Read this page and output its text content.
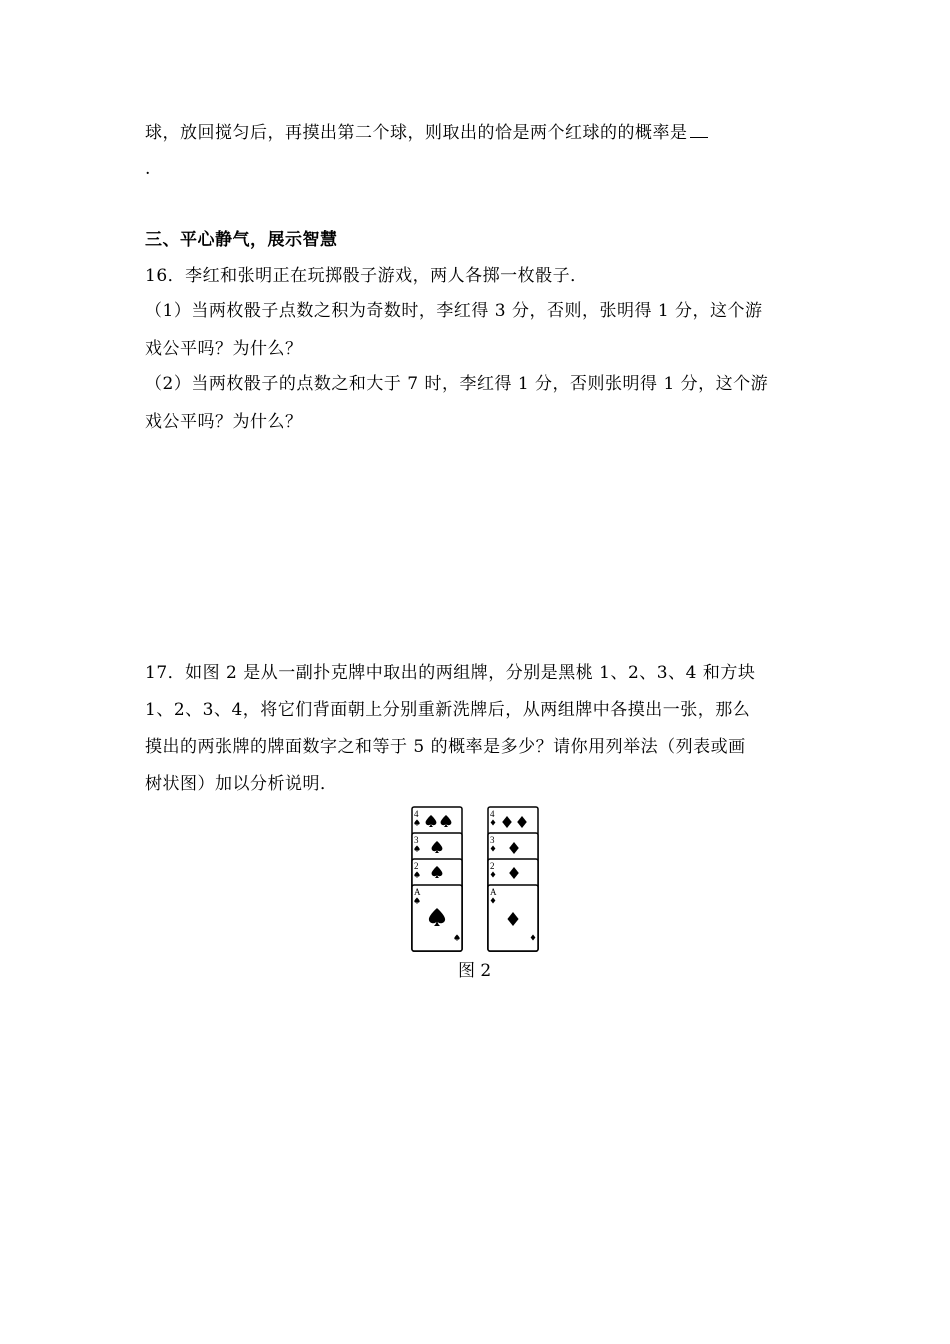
球，放回搅匀后，再摸出第二个球，则取出的恰是两个红球的的概率是
.
三、平心静气，展示智慧
16．李红和张明正在玩掷骰子游戏，两人各掷一枚骰子．
（1）当两枚骰子点数之积为奇数时，李红得 3 分，否则，张明得 1 分，这个游
戏公平吗？为什么？
（2）当两枚骰子的点数之和大于 7 时，李红得 1 分，否则张明得 1 分，这个游
戏公平吗？为什么？
17．如图 2 是从一副扑克牌中取出的两组牌，分别是黑桃 1、2、3、4 和方块
1、2、3、4，将它们背面朝上分别重新洗牌后，从两组牌中各摸出一张，那么
摸出的两张牌的牌面数字之和等于 5 的概率是多少？请你用列举法（列表或画
树状图）加以分析说明．
4
3
2
A
4
3
2
A
图 2
